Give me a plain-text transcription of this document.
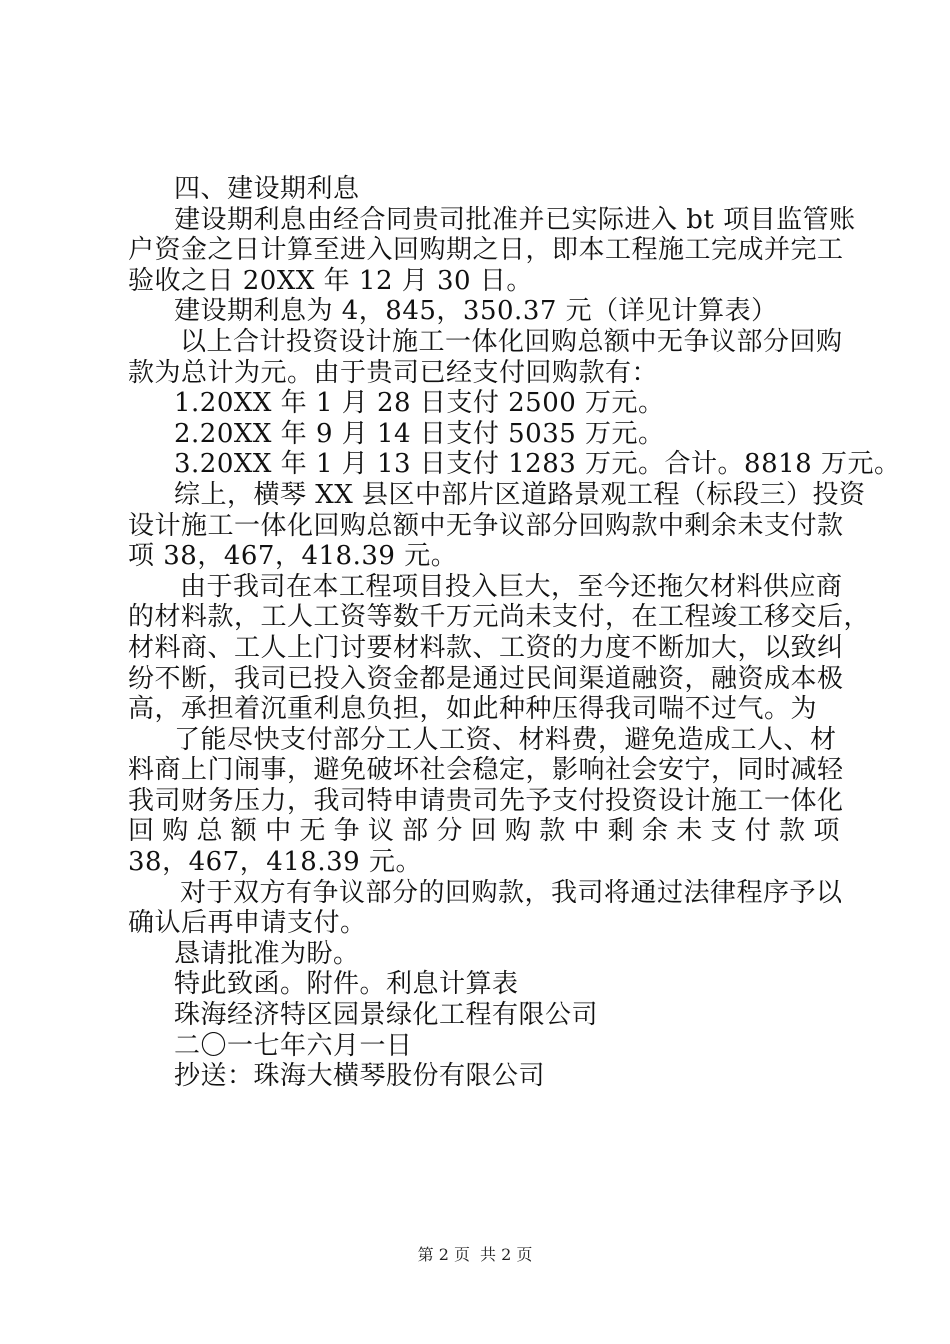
四、建设期利息
建设期利息由经合同贵司批准并已实际进入 bt 项目监管账
户资金之日计算至进入回购期之日，即本工程施工完成并完工
验收之日 20XX 年 12 月 30 日。
建设期利息为 4，845，350.37 元（详见计算表）
以上合计投资设计施工一体化回购总额中无争议部分回购
款为总计为元。由于贵司已经支付回购款有：
1.20XX 年 1 月 28 日支付 2500 万元。
2.20XX 年 9 月 14 日支付 5035 万元。
3.20XX 年 1 月 13 日支付 1283 万元。合计。8818 万元。
综上，横琴 XX 县区中部片区道路景观工程（标段三）投资
设计施工一体化回购总额中无争议部分回购款中剩余未支付款
项 38，467，418.39 元。
由于我司在本工程项目投入巨大，至今还拖欠材料供应商
的材料款，工人工资等数千万元尚未支付，在工程竣工移交后，
材料商、工人上门讨要材料款、工资的力度不断加大，以致纠
纷不断，我司已投入资金都是通过民间渠道融资，融资成本极
高，承担着沉重利息负担，如此种种压得我司喘不过气。为
了能尽快支付部分工人工资、材料费，避免造成工人、材
料商上门闹事，避免破坏社会稳定，影响社会安宁，同时减轻
我司财务压力，我司特申请贵司先予支付投资设计施工一体化
回 购 总 额 中 无 争 议 部 分 回 购 款 中 剩 余 未 支 付 款 项
38，467，418.39 元。
对于双方有争议部分的回购款，我司将通过法律程序予以
确认后再申请支付。
恳请批准为盼。
特此致函。附件。利息计算表
珠海经济特区园景绿化工程有限公司
二〇一七年六月一日
抄送：珠海大横琴股份有限公司
第 2 页 共 2 页
